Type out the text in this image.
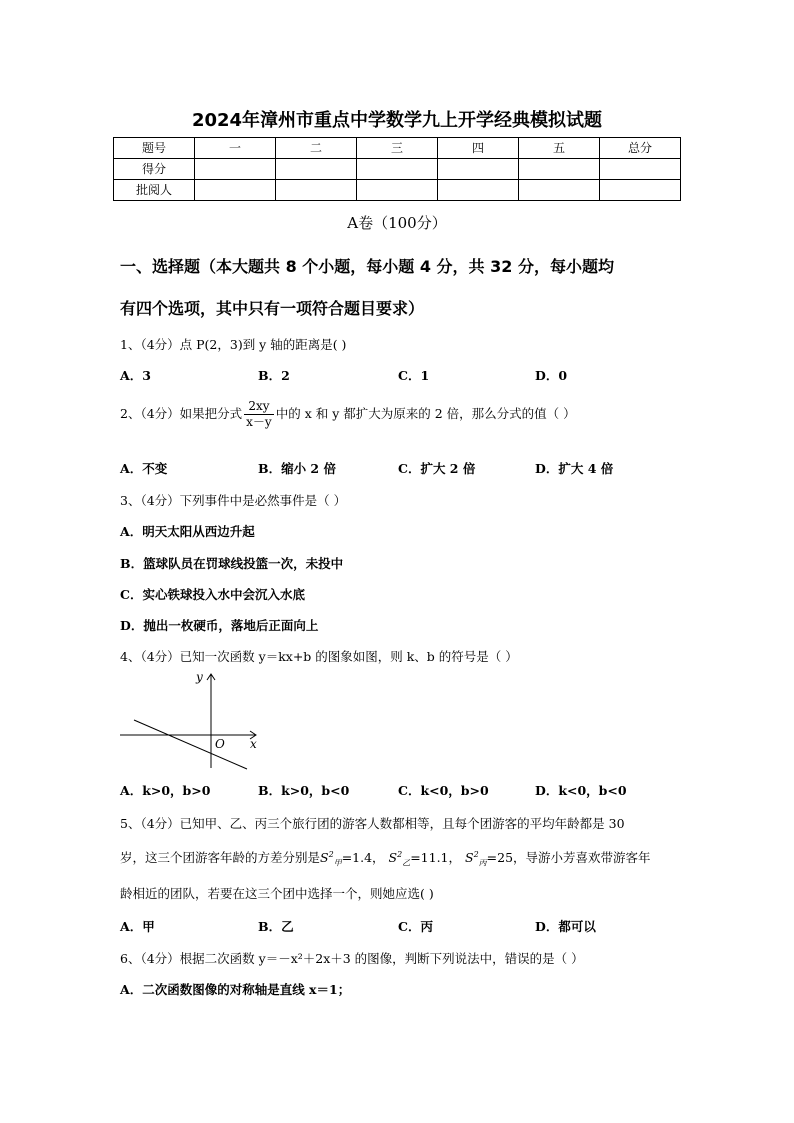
2024年漳州市重点中学数学九上开学经典模拟试题
题号	一	二	三	四	五	总分
得分						
批阅人						
A卷（100分）
一、选择题（本大题共 8 个小题，每小题 4 分，共 32 分，每小题均
有四个选项，其中只有一项符合题目要求）
1、（4分）点 P(2，3)到 y 轴的距离是( )
A．3	B．2	C．1	D．0
2、（4分）如果把分式 $\frac{2xy}{x-y}$ 中的 x 和 y 都扩大为原来的 2 倍，那么分式的值（ ）
A．不变	B．缩小 2 倍	C．扩大 2 倍	D．扩大 4 倍
3、（4分）下列事件中是必然事件是（ ）
A．明天太阳从西边升起
B．篮球队员在罚球线投篮一次，未投中
C．实心铁球投入水中会沉入水底
D．抛出一枚硬币，落地后正面向上
4、（4分）已知一次函数 y＝kx+b 的图象如图，则 k、b 的符号是（ ）
y
x
O
A．k>0，b>0	B．k>0，b<0	C．k<0，b>0	D．k<0，b<0
5、（4分）已知甲、乙、丙三个旅行团的游客人数都相等，且每个团游客的平均年龄都是 30
岁，这三个团游客年龄的方差分别是$S^2_甲=1.4$， $S^2_乙=11.1$， $S^2_丙=25$，导游小芳喜欢带游客年
龄相近的团队，若要在这三个团中选择一个，则她应选( )
A．甲	B．乙	C．丙	D．都可以
6、（4分）根据二次函数 y＝－x²＋2x＋3 的图像，判断下列说法中，错误的是（ ）
A．二次函数图像的对称轴是直线 x＝1；
